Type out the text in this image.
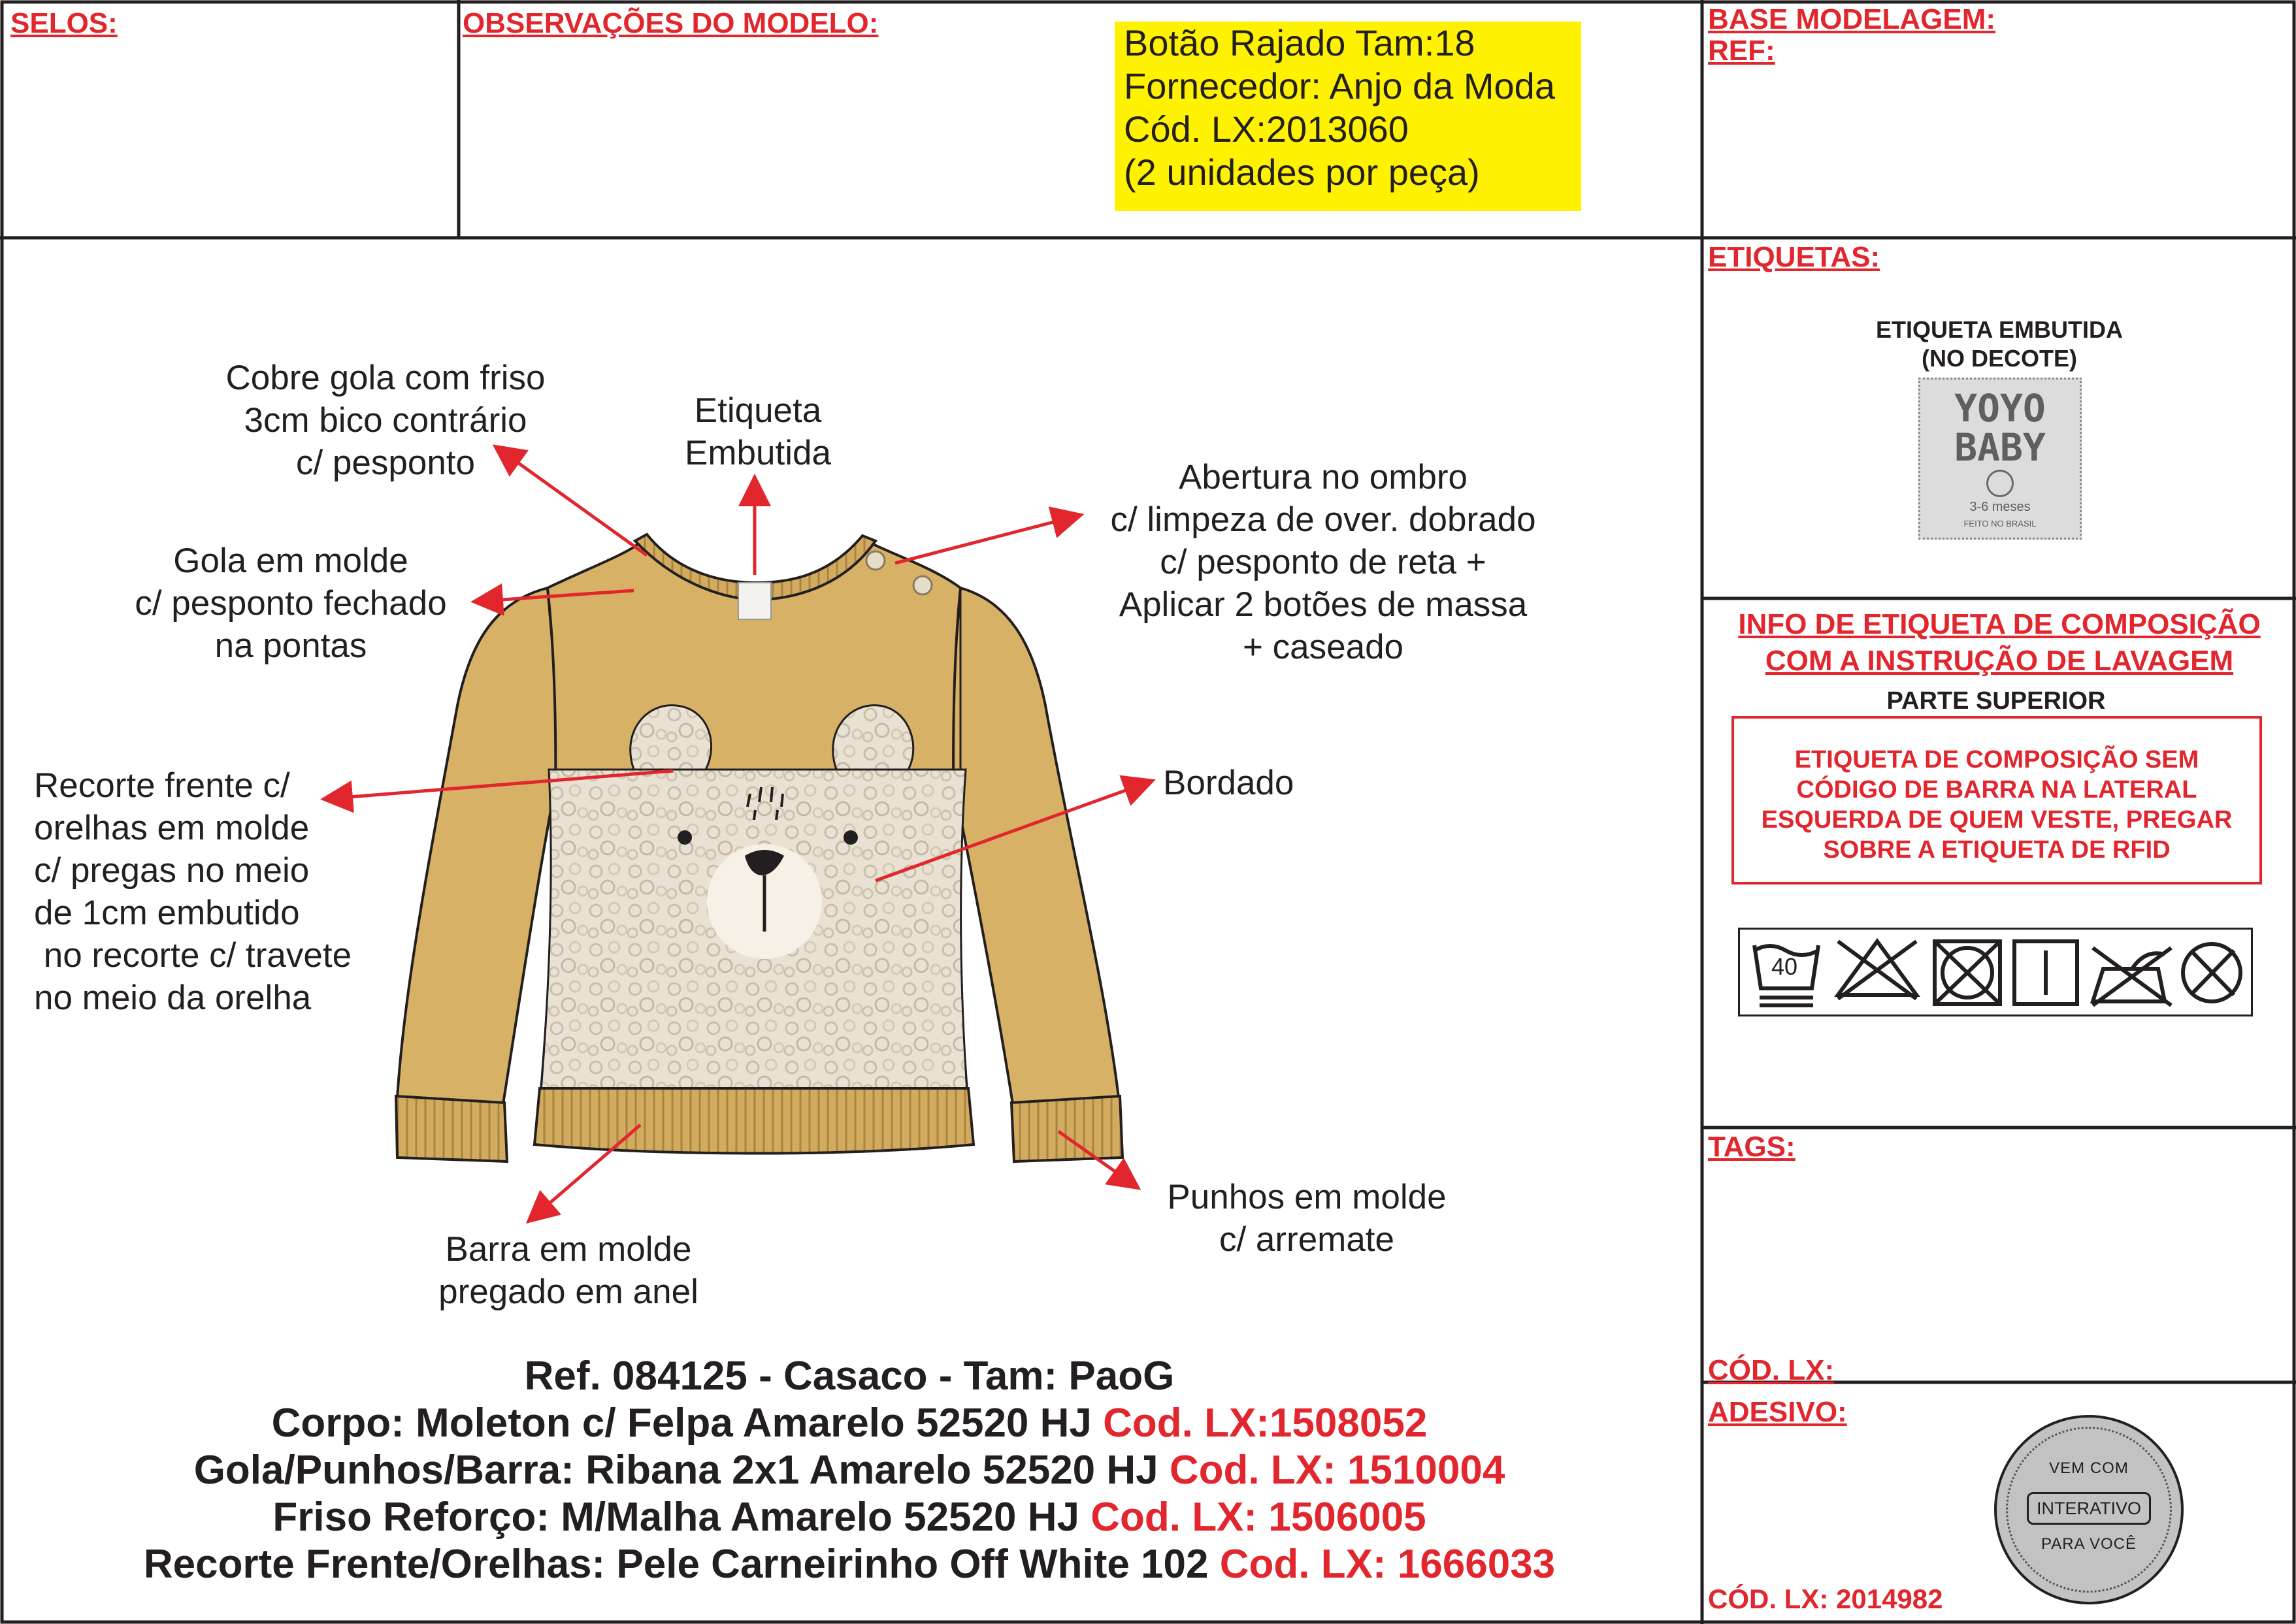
SELOS:	OBSERVAÇÕES DO MODELO:	BASE MODELAGEM:
REF:
ETIQUETAS:
TAGS:
CÓD. LX:
ADESIVO:
CÓD. LX: 2014982
Botão Rajado Tam:18
Fornecedor: Anjo da Moda
Cód. LX:2013060
(2 unidades por peça)
Cobre gola com friso
3cm bico contrário
c/ pesponto
Etiqueta
Embutida
Abertura no ombro
c/ limpeza de over. dobrado
c/ pesponto de reta +
Aplicar 2 botões de massa
+ caseado
Gola em molde
c/ pesponto fechado
na pontas
Recorte frente c/
orelhas em molde
c/ pregas no meio
de 1cm embutido
no recorte c/ travete
no meio da orelha
Bordado
Barra em molde
pregado em anel
Punhos em molde
c/ arremate
Ref. 084125 - Casaco - Tam: PaoG
Corpo: Moleton c/ Felpa Amarelo 52520 HJ Cod. LX:1508052
Gola/Punhos/Barra: Ribana 2x1 Amarelo 52520 HJ Cod. LX: 1510004
Friso Reforço: M/Malha Amarelo 52520 HJ Cod. LX: 1506005
Recorte Frente/Orelhas: Pele Carneirinho Off White 102 Cod. LX: 1666033
ETIQUETA EMBUTIDA
(NO DECOTE)
YOYO
BABY
3-6 meses
FEITO NO BRASIL
INFO DE ETIQUETA DE COMPOSIÇÃO
COM A INSTRUÇÃO DE LAVAGEM
PARTE SUPERIOR
ETIQUETA DE COMPOSIÇÃO SEM
CÓDIGO DE BARRA NA LATERAL
ESQUERDA DE QUEM VESTE, PREGAR
SOBRE A ETIQUETA DE RFID
40
VEM COM
INTERATIVO
PARA VOCÊ
